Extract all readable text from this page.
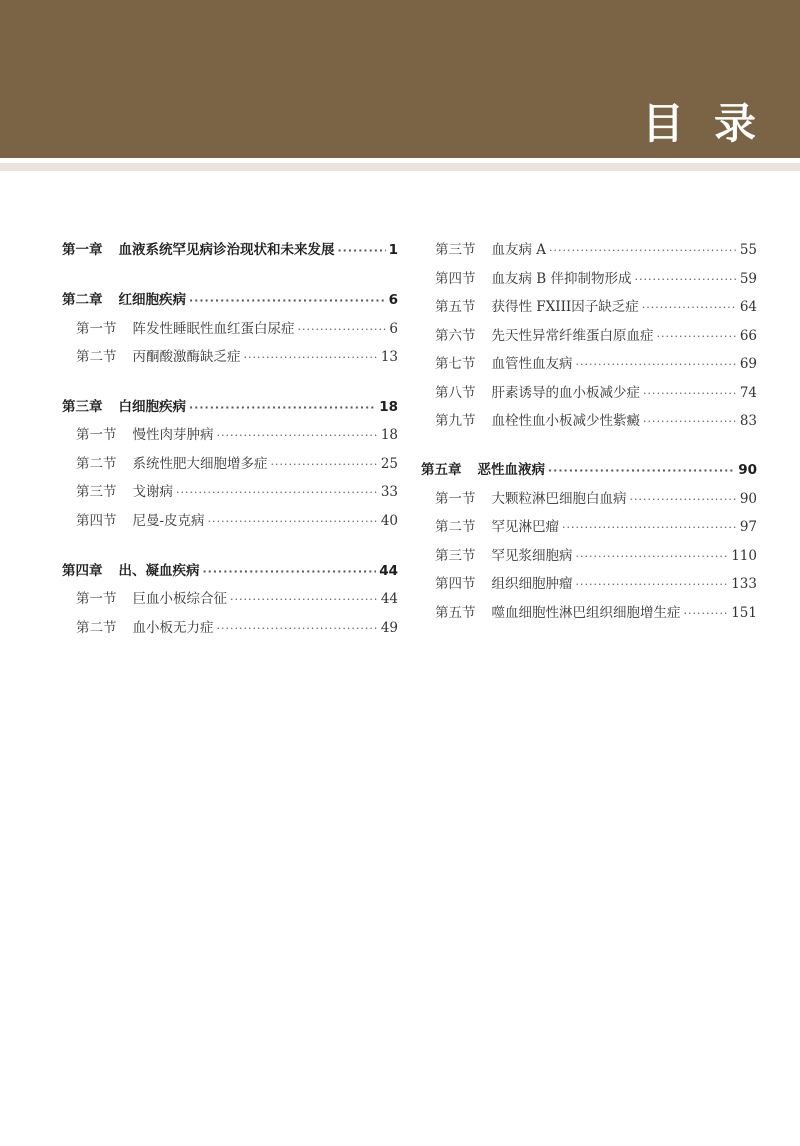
目录
第一章 血液系统罕见病诊治现状和未来发展 ·····	1
第二章 红细胞疾病 ·····	6
第一节 阵发性睡眠性血红蛋白尿症 ·····	6
第二节 丙酮酸激酶缺乏症 ·····	13
第三章 白细胞疾病 ·····	18
第一节 慢性肉芽肿病 ·····	18
第二节 系统性肥大细胞增多症 ·····	25
第三节 戈谢病 ·····	33
第四节 尼曼-皮克病 ·····	40
第四章 出、凝血疾病 ·····	44
第一节 巨血小板综合征 ·····	44
第二节 血小板无力症 ·····	49
第三节 血友病 A ·····	55
第四节 血友病 B 伴抑制物形成 ·····	59
第五节 获得性 FXIII因子缺乏症 ·····	64
第六节 先天性异常纤维蛋白原血症 ·····	66
第七节 血管性血友病 ·····	69
第八节 肝素诱导的血小板减少症 ·····	74
第九节 血栓性血小板减少性紫癜 ·····	83
第五章 恶性血液病 ·····	90
第一节 大颗粒淋巴细胞白血病 ·····	90
第二节 罕见淋巴瘤 ·····	97
第三节 罕见浆细胞病 ·····	110
第四节 组织细胞肿瘤 ·····	133
第五节 噬血细胞性淋巴组织细胞增生症 ·····	151
